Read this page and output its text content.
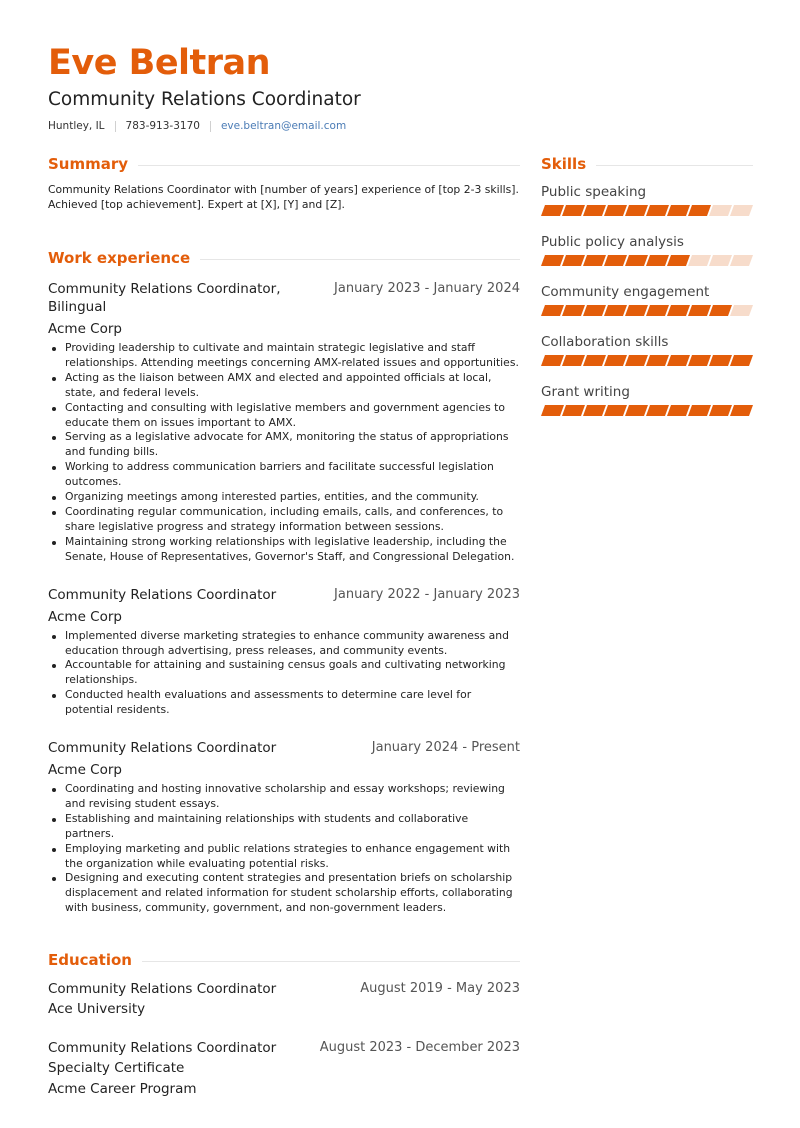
Eve Beltran
Community Relations Coordinator
Huntley, IL 783-913-3170 eve.beltran@email.com
Summary
Community Relations Coordinator with [number of years] experience of [top 2-3 skills]. Achieved [top achievement]. Expert at [X], [Y] and [Z].
Work experience
Community Relations Coordinator, Bilingual
January 2023 - January 2024
Acme Corp
Providing leadership to cultivate and maintain strategic legislative and staff relationships. Attending meetings concerning AMX-related issues and opportunities.
Acting as the liaison between AMX and elected and appointed officials at local, state, and federal levels.
Contacting and consulting with legislative members and government agencies to educate them on issues important to AMX.
Serving as a legislative advocate for AMX, monitoring the status of appropriations and funding bills.
Working to address communication barriers and facilitate successful legislation outcomes.
Organizing meetings among interested parties, entities, and the community.
Coordinating regular communication, including emails, calls, and conferences, to share legislative progress and strategy information between sessions.
Maintaining strong working relationships with legislative leadership, including the Senate, House of Representatives, Governor's Staff, and Congressional Delegation.
Community Relations Coordinator	January 2022 - January 2023
Acme Corp
Implemented diverse marketing strategies to enhance community awareness and education through advertising, press releases, and community events.
Accountable for attaining and sustaining census goals and cultivating networking relationships.
Conducted health evaluations and assessments to determine care level for potential residents.
Community Relations Coordinator	January 2024 - Present
Acme Corp
Coordinating and hosting innovative scholarship and essay workshops; reviewing and revising student essays.
Establishing and maintaining relationships with students and collaborative partners.
Employing marketing and public relations strategies to enhance engagement with the organization while evaluating potential risks.
Designing and executing content strategies and presentation briefs on scholarship displacement and related information for student scholarship efforts, collaborating with business, community, government, and non-government leaders.
Education
Community Relations Coordinator	August 2019 - May 2023
Ace University
Community Relations Coordinator	August 2023 - December 2023
Specialty Certificate
Acme Career Program
Skills
Public speaking
Public policy analysis
Community engagement
Collaboration skills
Grant writing
